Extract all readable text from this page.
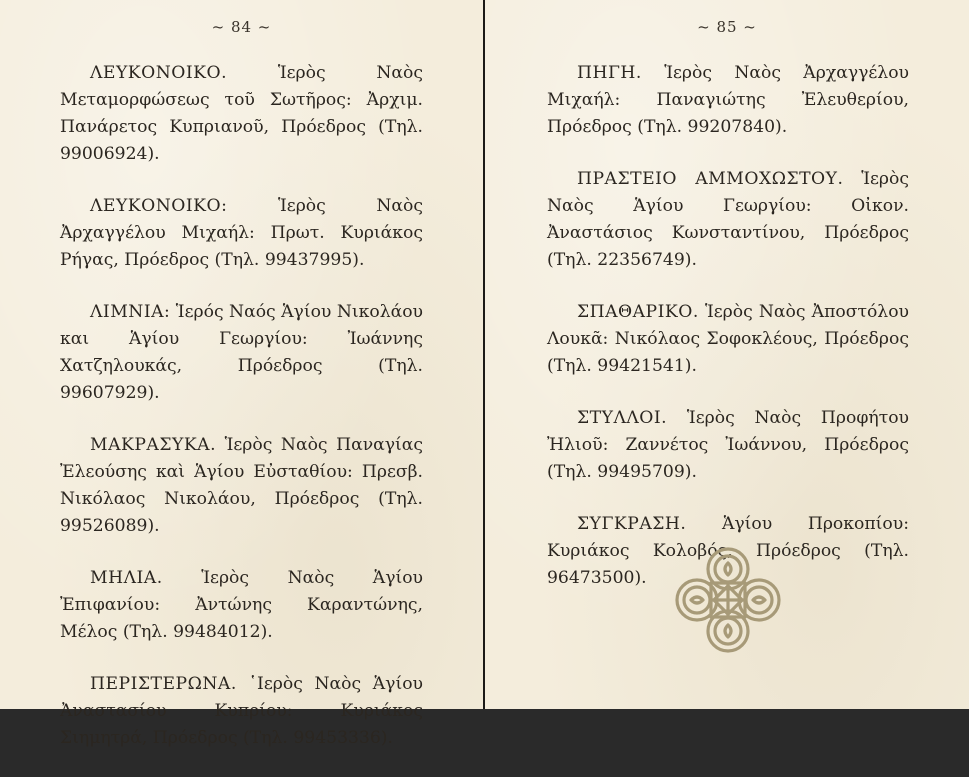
~ 84 ~

ΛΕΥΚΟΝΟΙΚΟ. Ἱερὸς Ναὸς Μεταμορφώσεως τοῦ Σωτῆρος: Ἀρχιμ. Πανάρετος Κυπριανοῦ, Πρόεδρος (Τηλ. 99006924).

ΛΕΥΚΟΝΟΙΚΟ: Ἱερὸς Ναὸς Ἀρχαγγέλου Μιχαήλ: Πρωτ. Κυριάκος Ρήγας, Πρόεδρος (Τηλ. 99437995).

ΛΙΜΝΙΑ: Ἱερός Ναός Ἁγίου Νικολάου και Ἁγίου Γεωργίου: Ἰωάννης Χατζηλουκάς, Πρόεδρος (Τηλ. 99607929).

ΜΑΚΡΑΣΥΚΑ. Ἱερὸς Ναὸς Παναγίας Ἐλεούσης καὶ Ἁγίου Εὐσταθίου: Πρεσβ. Νικόλαος Νικολάου, Πρόεδρος (Τηλ. 99526089).

ΜΗΛΙΑ. Ἱερὸς Ναὸς Ἁγίου Ἐπιφανίου: Ἀντώνης Καραντώνης, Μέλος (Τηλ. 99484012).

ΠΕΡΙΣΤΕΡΩΝΑ. ῾Ιερὸς Ναὸς Ἁγίου Ἀναστασίου Κυπρίου: Κυριάκος Σιημητρά, Πρόεδρος (Τηλ. 99453336).

~ 85 ~

ΠΗΓΗ. Ἱερὸς Ναὸς Ἀρχαγγέλου Μιχαήλ: Παναγιώτης Ἐλευθερίου, Πρόεδρος (Τηλ. 99207840).

ΠΡΑΣΤΕΙΟ ΑΜΜΟΧΩΣΤΟΥ. Ἱερὸς Ναὸς Ἁγίου Γεωργίου: Οἰκον. Ἀναστάσιος Κωνσταντίνου, Πρόεδρος (Τηλ. 22356749).

ΣΠΑΘΑΡΙΚΟ. Ἱερὸς Ναὸς Ἀποστόλου Λουκᾶ: Νικόλαος Σοφοκλέους, Πρόεδρος (Τηλ. 99421541).

ΣΤΥΛΛΟΙ. Ἱερὸς Ναὸς Προφήτου Ἠλιοῦ: Ζαννέτος Ἰωάννου, Πρόεδρος (Τηλ. 99495709).

ΣΥΓΚΡΑΣΗ. Ἁγίου Προκοπίου: Κυριάκος Κολοβός, Πρόεδρος (Τηλ. 96473500).
